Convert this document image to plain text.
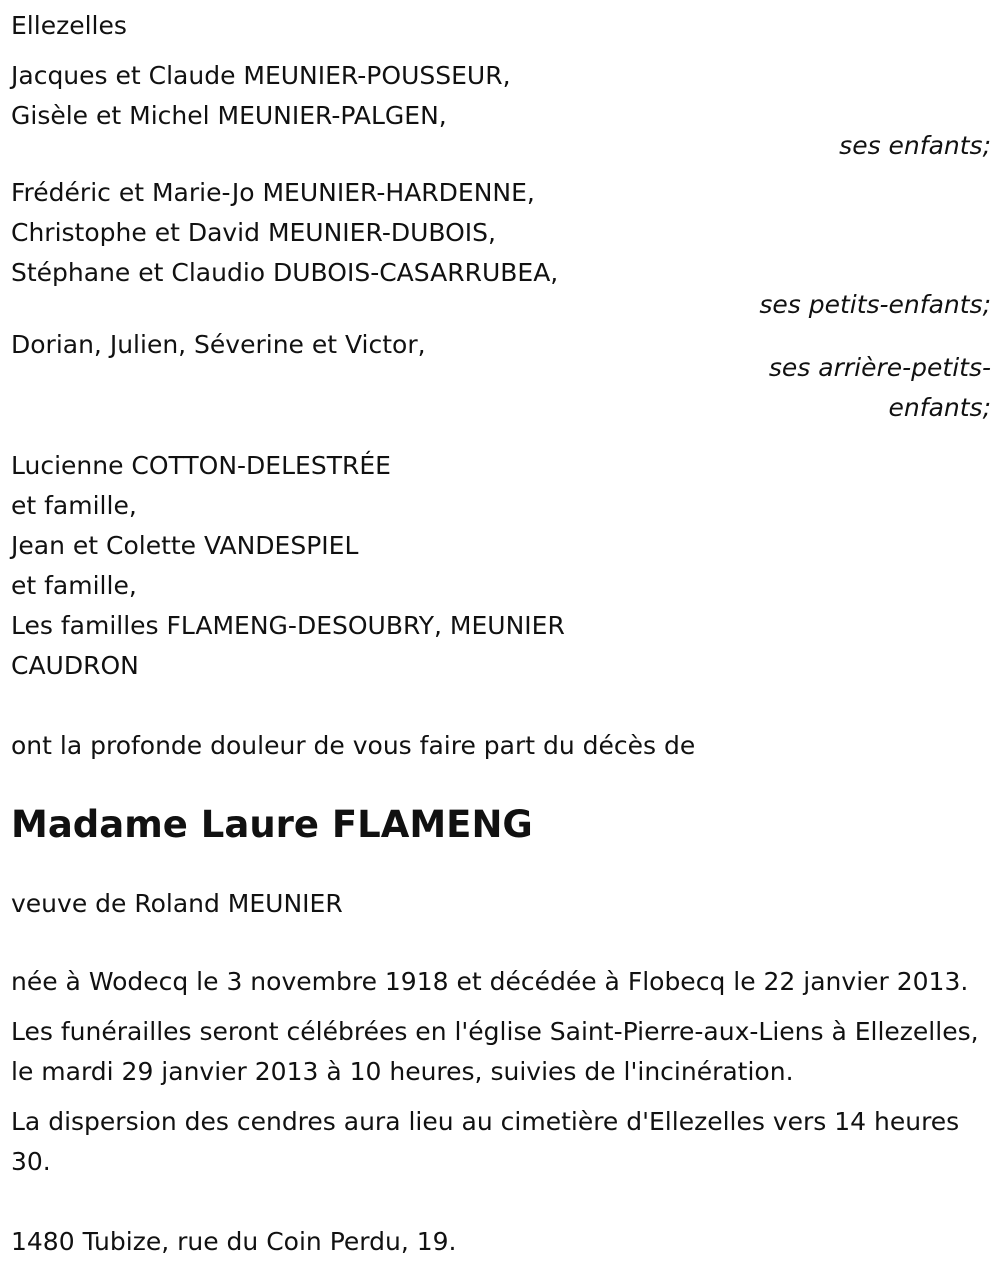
Ellezelles
Jacques et Claude MEUNIER-POUSSEUR,
Gisèle et Michel MEUNIER-PALGEN,
ses enfants;
Frédéric et Marie-Jo MEUNIER-HARDENNE,
Christophe et David MEUNIER-DUBOIS,
Stéphane et Claudio DUBOIS-CASARRUBEA,
ses petits-enfants;
Dorian, Julien, Séverine et Victor,
ses arrière-petits-
enfants;
Lucienne COTTON-DELESTRÉE
et famille,
Jean et Colette VANDESPIEL
et famille,
Les familles FLAMENG-DESOUBRY, MEUNIER
CAUDRON
ont la profonde douleur de vous faire part du décès de
Madame Laure FLAMENG
veuve de Roland MEUNIER
née à Wodecq le 3 novembre 1918 et décédée à Flobecq le 22 janvier 2013.
Les funérailles seront célébrées en l'église Saint-Pierre-aux-Liens à Ellezelles, le mardi 29 janvier 2013 à 10 heures, suivies de l'incinération.
La dispersion des cendres aura lieu au cimetière d'Ellezelles vers 14 heures 30.
1480 Tubize, rue du Coin Perdu, 19.
